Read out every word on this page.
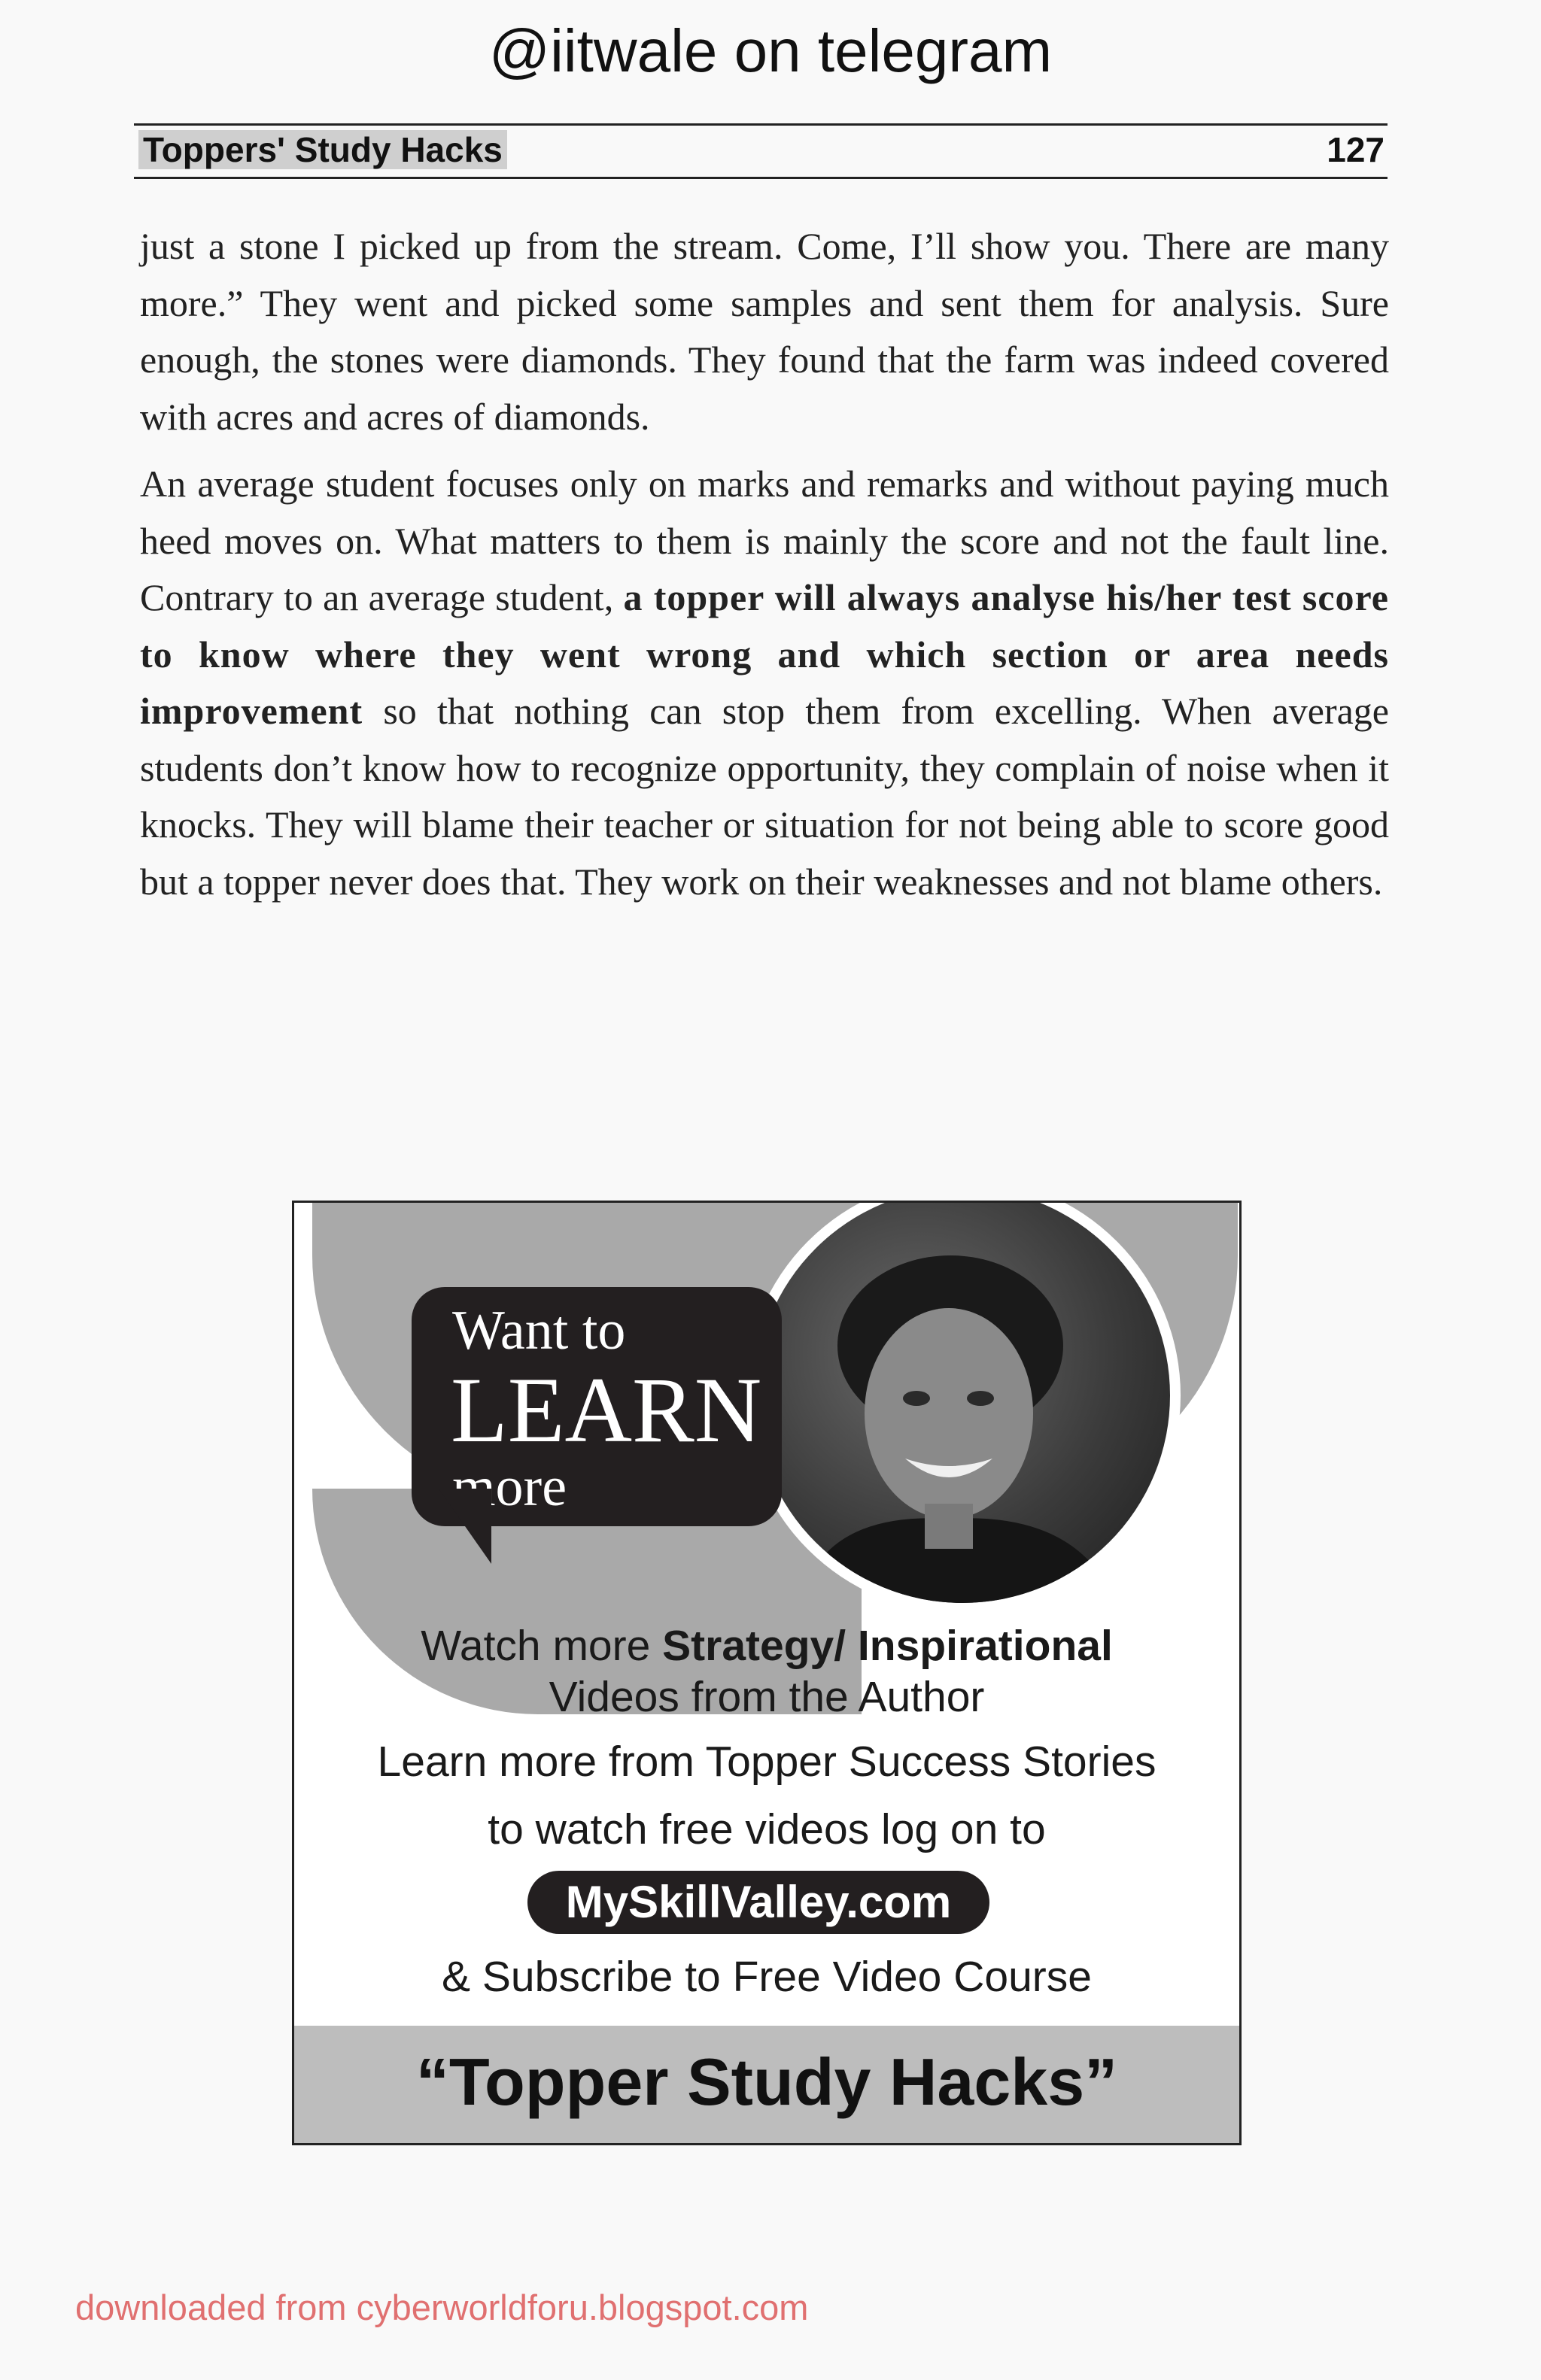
@iitwale on telegram
Toppers' Study Hacks	127

just a stone I picked up from the stream. Come, I’ll show you. There are many more.” They went and picked some samples and sent them for analysis. Sure enough, the stones were diamonds. They found that the farm was indeed covered with acres and acres of diamonds.

An average student focuses only on marks and remarks and without paying much heed moves on. What matters to them is mainly the score and not the fault line. Contrary to an average student, a topper will always analyse his/her test score to know where they went wrong and which section or area needs improvement so that nothing can stop them from excelling. When average students don’t know how to recognize opportunity, they complain of noise when it knocks. They will blame their teacher or situation for not being able to score good but a topper never does that. They work on their weaknesses and not blame others.

Want to
LEARN
more
Watch more Strategy/ Inspirational
Videos from the Author
Learn more from Topper Success Stories
to watch free videos log on to
MySkillValley.com
& Subscribe to Free Video Course
“Topper Study Hacks”
downloaded from cyberworldforu.blogspot.com
